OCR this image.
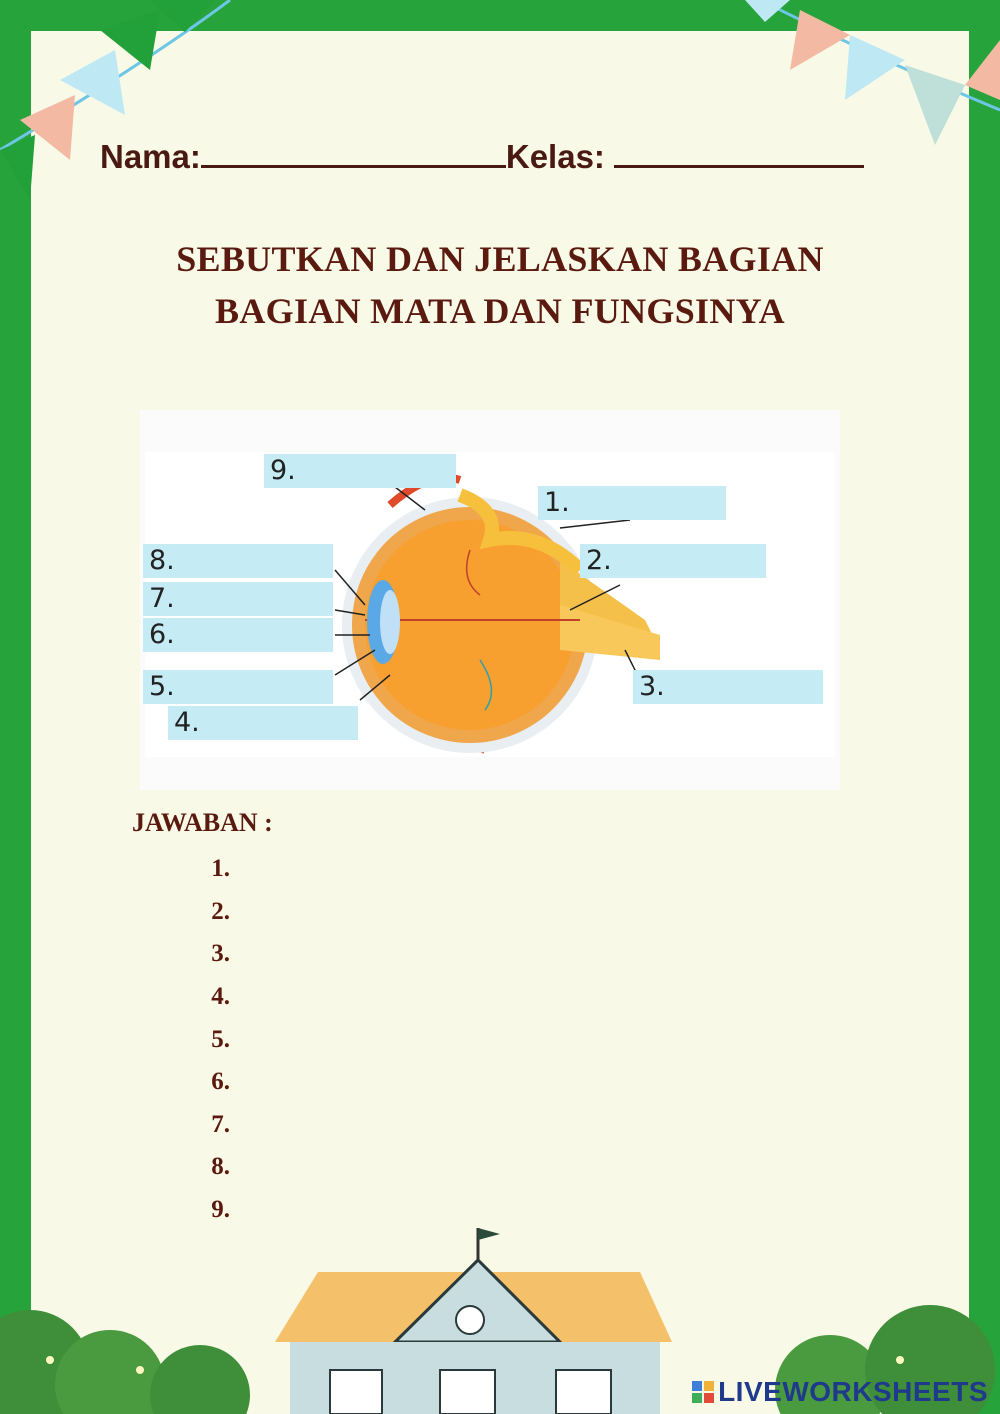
Nama:	Kelas:
SEBUTKAN DAN JELASKAN BAGIAN
BAGIAN MATA DAN FUNGSINYA
9.
1.
8.	2.
7.
6.
5.	3.
4.
JAWABAN :
1.
2.
3.
4.
5.
6.
7.
8.
9.
LIVEWORKSHEETS
